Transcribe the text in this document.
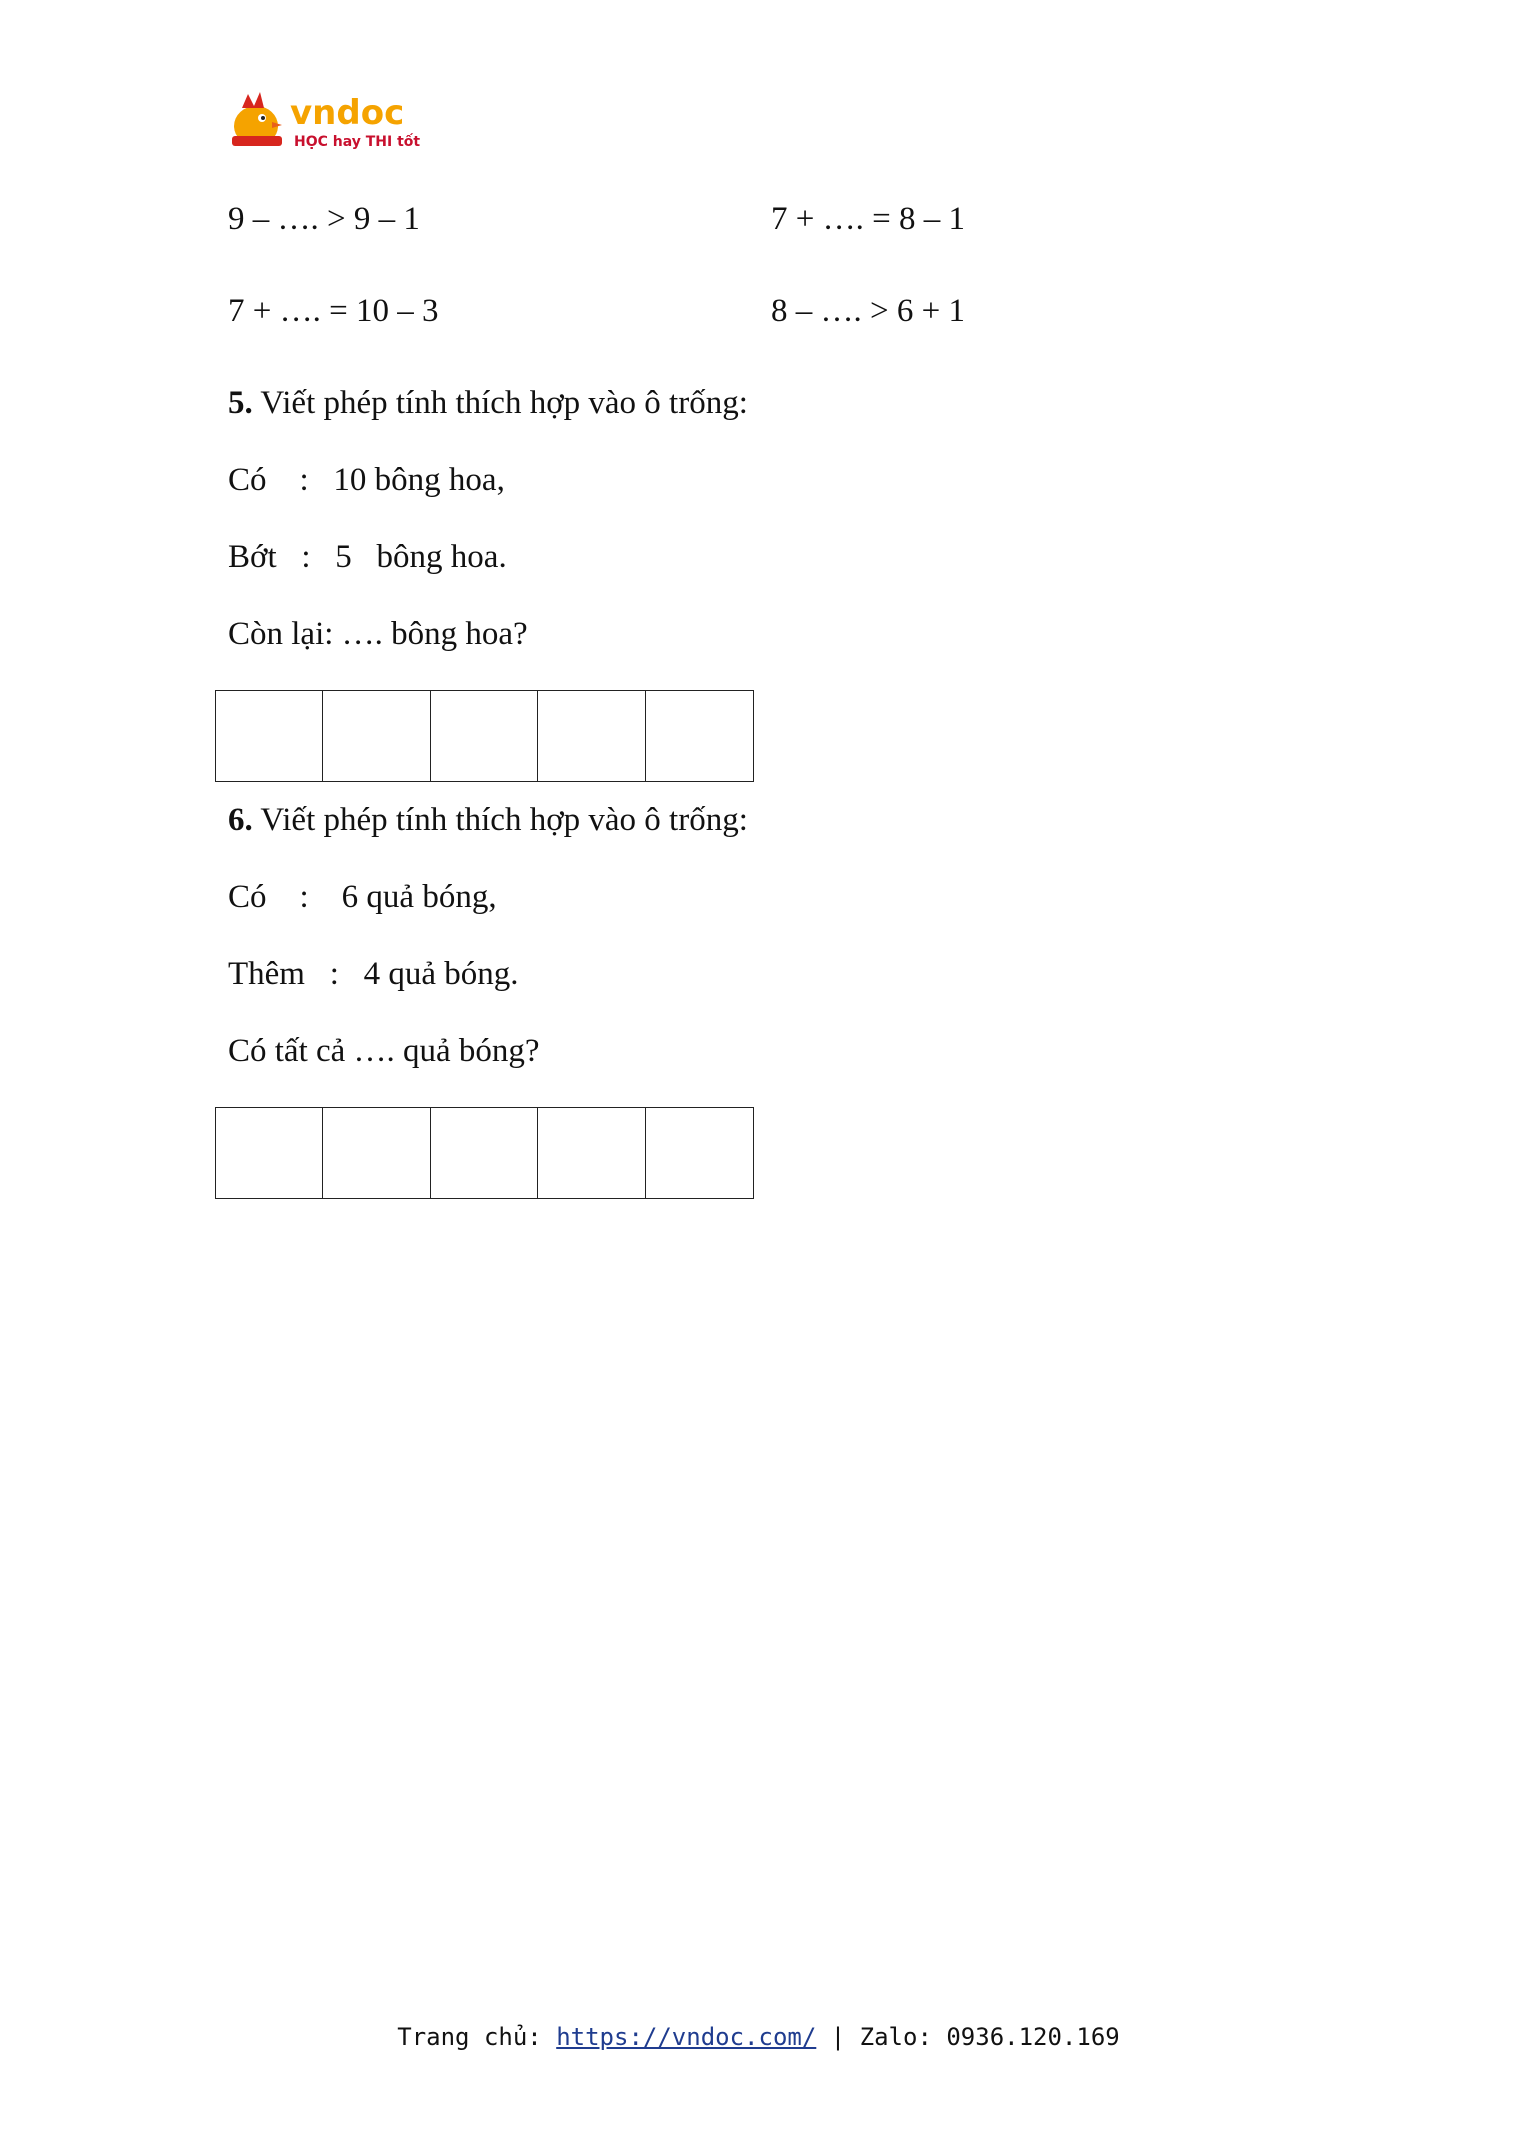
vndoc
HỌC hay THI tốt
9 – …. > 9 – 1	7 + …. = 8 – 1
7 + …. = 10 – 3	8 – …. > 6 + 1
5. Viết phép tính thích hợp vào ô trống:
Có    :   10 bông hoa,
Bớt   :   5   bông hoa.
Còn lại: …. bông hoa?
6. Viết phép tính thích hợp vào ô trống:
Có    :    6 quả bóng,
Thêm   :   4 quả bóng.
Có tất cả …. quả bóng?
Trang chủ: https://vndoc.com/ | Zalo: 0936.120.169
